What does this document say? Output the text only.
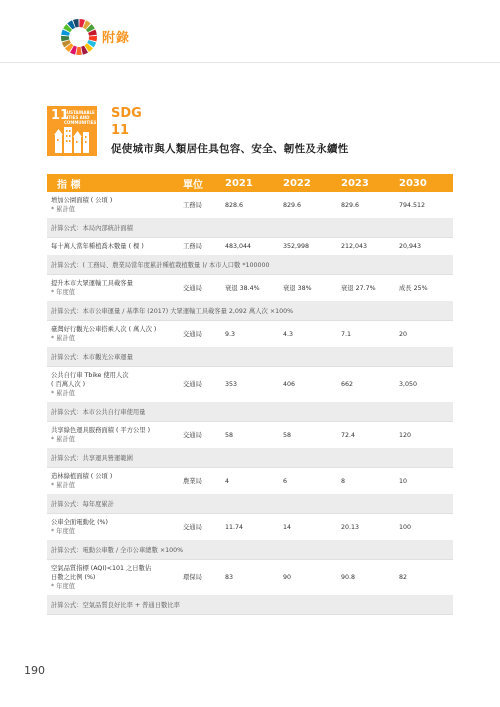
附錄
11
SUSTAINABLE CITIES AND COMMUNITIES
SDG
11
促使城市與人類居住具包容、安全、韌性及永續性
指 標	單位	2021	2022	2023	2030
增加公園面積 ( 公頃 )
* 累計值	工務局	828.6	829.6	829.6	794.512
計算公式：本局內部統計面積					
每十萬人當年種植喬木數量 ( 棵 )	工務局	483,044	352,998	212,043	20,943
計算公式：( 工務局、農業局當年度累計種植栽植數量 )/ 本市人口數 *100000					
提升本市大眾運輸工具載客量
* 年度值	交通局	衰退 38.4%	衰退 38%	衰退 27.7%	成長 25%
計算公式：本市公車運量 / 基準年 (2017) 大眾運輸工具載客量 2,092 萬人次 ×100%					
臺灣好行觀光公車搭乘人次 ( 萬人次 )
* 累計值	交通局	9.3	4.3	7.1	20
計算公式：本市觀光公車運量					
公共自行車 Tbike 使用人次
( 百萬人次 )
* 累計值	交通局	353	406	662	3,050
計算公式：本市公共自行車使用量					
共享綠色運具服務面積 ( 平方公里 )
* 累計值	交通局	58	58	72.4	120
計算公式：共享運具營運範圍					
造林綠植面積 ( 公頃 )
* 累計值	農業局	4	6	8	10
計算公式：每年度累計					
公車全面電動化 (%)
* 年度值	交通局	11.74	14	20.13	100
計算公式：電動公車數 / 全市公車總數 ×100%					
空氣品質指標 (AQI)<101 之日數佔
日數之比例 (%)
* 年度值	環保局	83	90	90.8	82
計算公式：空氣品質良好比率 + 普通日數比率					
190
